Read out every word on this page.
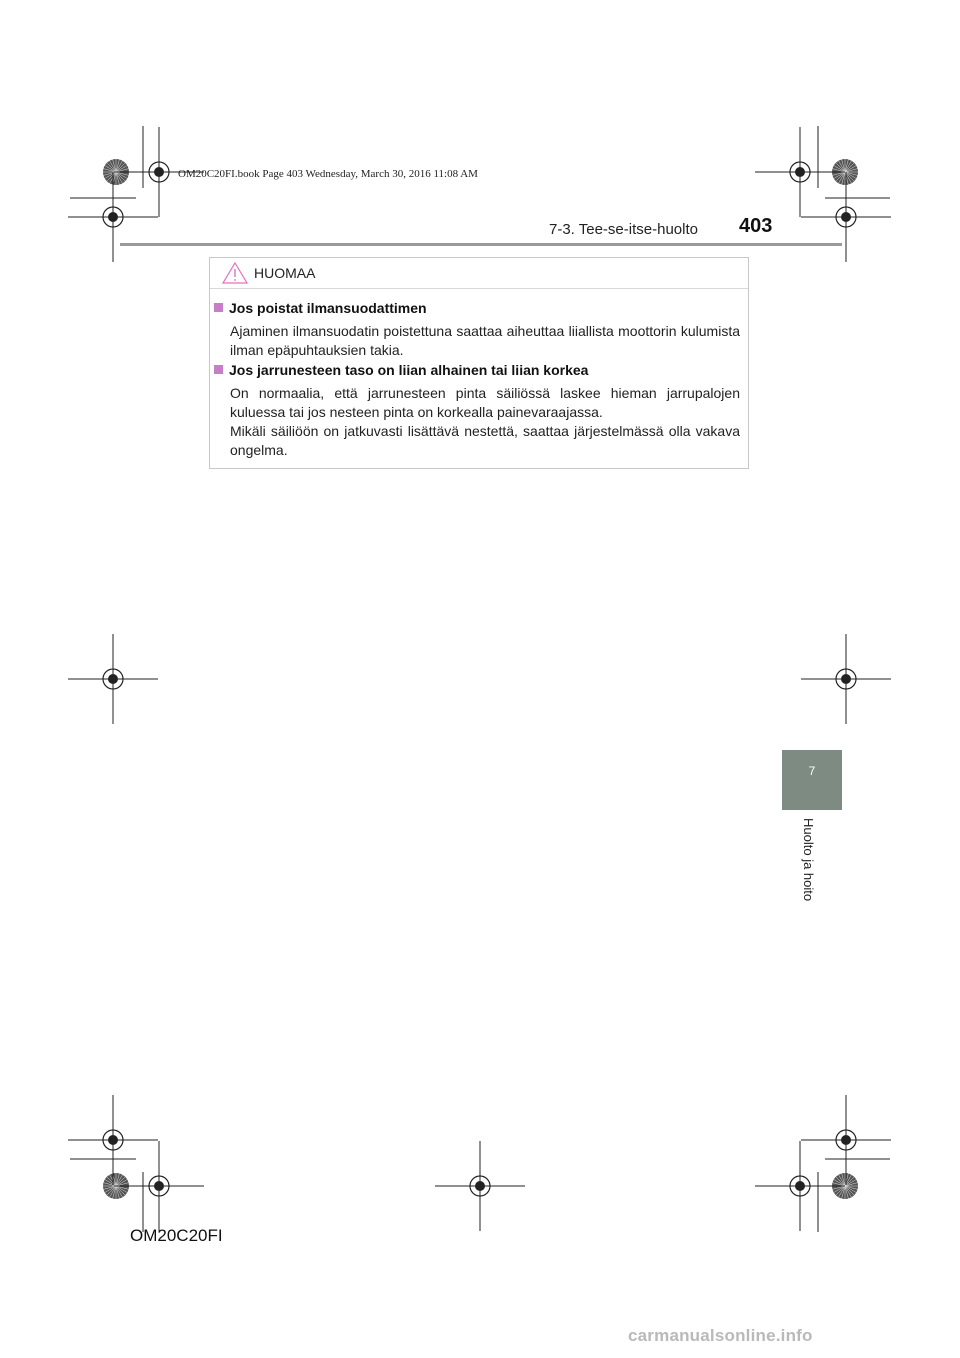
OM20C20FI.book Page 403 Wednesday, March 30, 2016 11:08 AM
7-3. Tee-se-itse-huolto 403
HUOMAA
Jos poistat ilmansuodattimen
Ajaminen ilmansuodatin poistettuna saattaa aiheuttaa liiallista moottorin kulumista ilman epäpuhtauksien takia.
Jos jarrunesteen taso on liian alhainen tai liian korkea
On normaalia, että jarrunesteen pinta säiliössä laskee hieman jarrupalojen kuluessa tai jos nesteen pinta on korkealla painevaraajassa.
Mikäli säiliöön on jatkuvasti lisättävä nestettä, saattaa järjestelmässä olla vakava ongelma.
7
Huolto ja hoito
OM20C20FI
carmanualsonline.info
